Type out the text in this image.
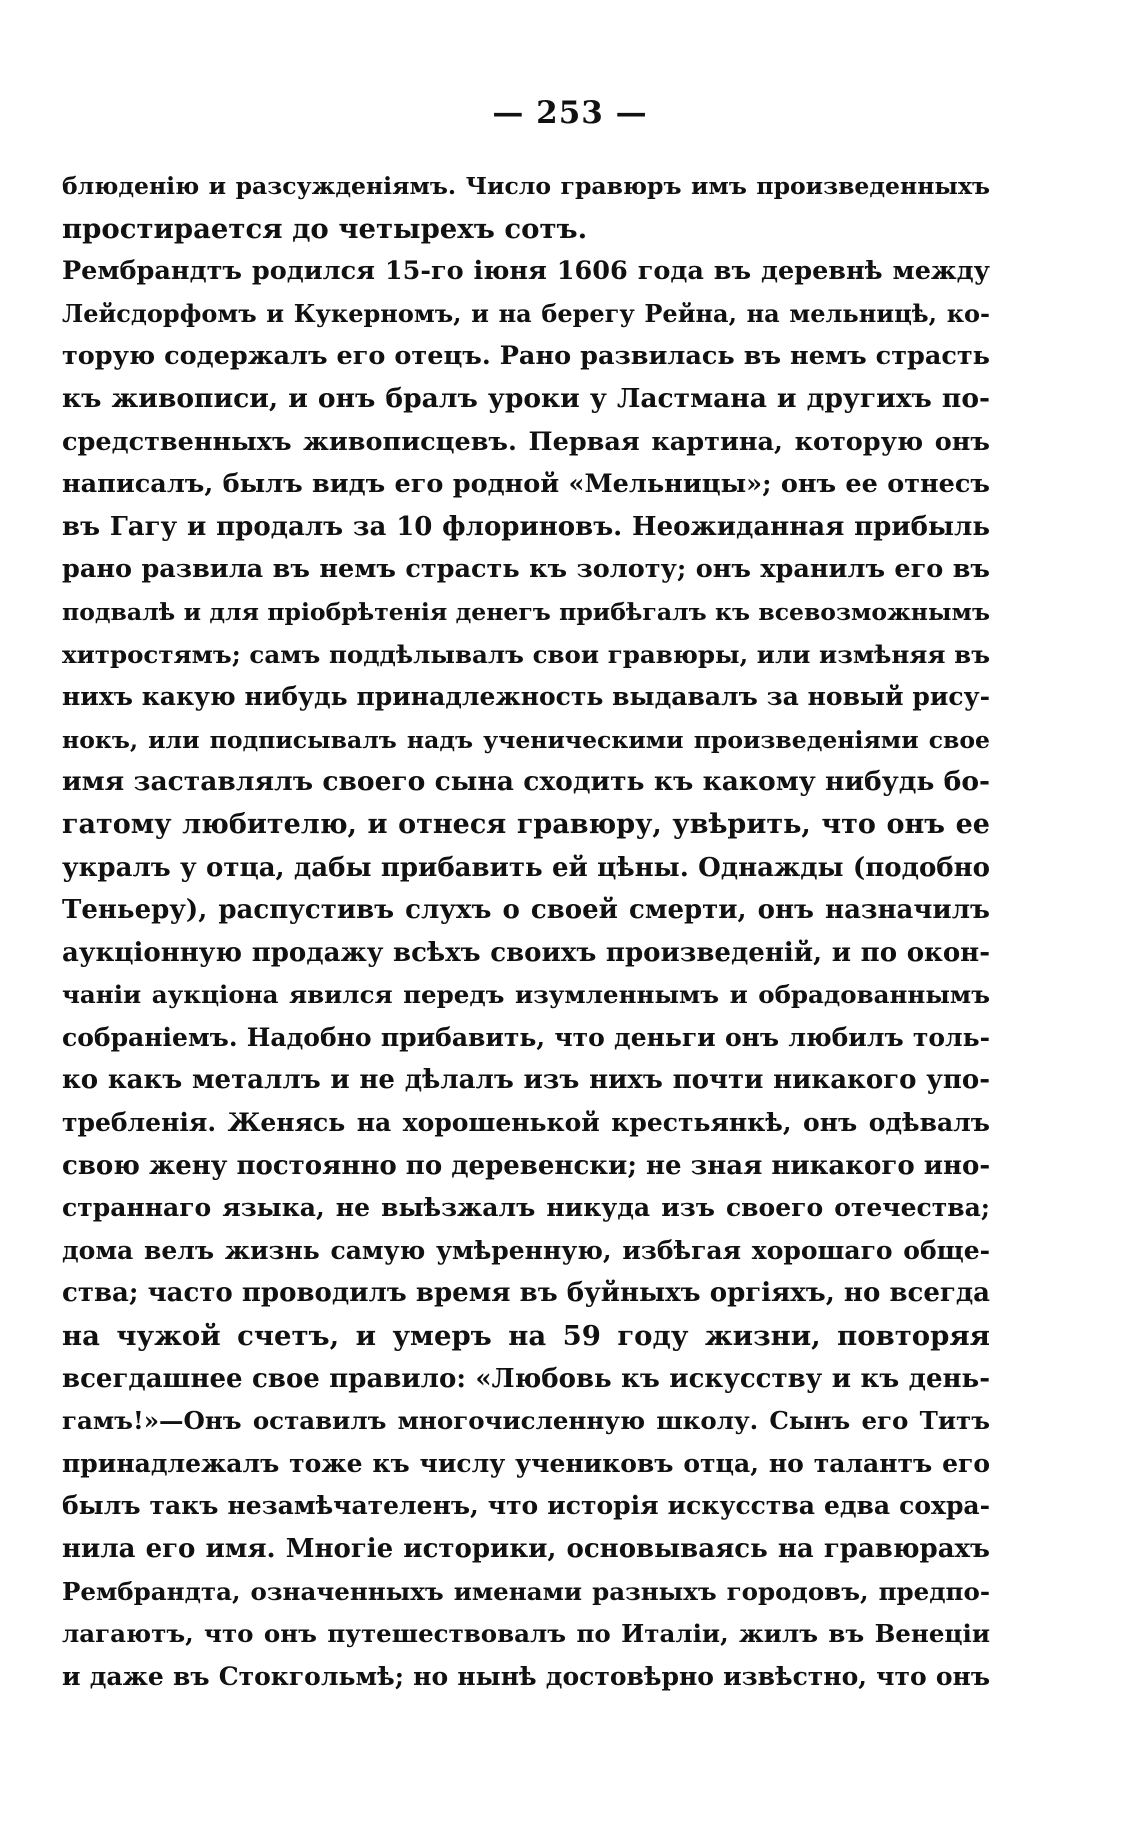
— 253 —
блюденію и разсужденіямъ. Число гравюръ имъ произведенныхъ
простирается до четырехъ сотъ.
Рембрандтъ родился 15-го іюня 1606 года въ деревнѣ между
Лейсдорфомъ и Кукерномъ, и на берегу Рейна, на мельницѣ, ко-
торую содержалъ его отецъ. Рано развилась въ немъ страсть
къ живописи, и онъ бралъ уроки у Ластмана и другихъ по-
средственныхъ живописцевъ. Первая картина, которую онъ
написалъ, былъ видъ его родной «Мельницы»; онъ ее отнесъ
въ Гагу и продалъ за 10 флориновъ. Неожиданная прибыль
рано развила въ немъ страсть къ золоту; онъ хранилъ его въ
подвалѣ и для пріобрѣтенія денегъ прибѣгалъ къ всевозможнымъ
хитростямъ; самъ поддѣлывалъ свои гравюры, или измѣняя въ
нихъ какую нибудь принадлежность выдавалъ за новый рису-
нокъ, или подписывалъ надъ ученическими произведеніями свое
имя заставлялъ своего сына сходить къ какому нибудь бо-
гатому любителю, и отнеся гравюру, увѣрить, что онъ ее
укралъ у отца, дабы прибавить ей цѣны. Однажды (подобно
Теньеру), распустивъ слухъ о своей смерти, онъ назначилъ
аукціонную продажу всѣхъ своихъ произведеній, и по окон-
чаніи аукціона явился передъ изумленнымъ и обрадованнымъ
собраніемъ. Надобно прибавить, что деньги онъ любилъ толь-
ко какъ металлъ и не дѣлалъ изъ нихъ почти никакого упо-
требленія. Женясь на хорошенькой крестьянкѣ, онъ одѣвалъ
свою жену постоянно по деревенски; не зная никакого ино-
страннаго языка, не выѣзжалъ никуда изъ своего отечества;
дома велъ жизнь самую умѣренную, избѣгая хорошаго обще-
ства; часто проводилъ время въ буйныхъ оргіяхъ, но всегда
на чужой счетъ, и умеръ на 59 году жизни, повторяя
всегдашнее свое правило: «Любовь къ искусству и къ день-
гамъ!»—Онъ оставилъ многочисленную школу. Сынъ его Титъ
принадлежалъ тоже къ числу учениковъ отца, но талантъ его
былъ такъ незамѣчателенъ, что исторія искусства едва сохра-
нила его имя. Многіе историки, основываясь на гравюрахъ
Рембрандта, означенныхъ именами разныхъ городовъ, предпо-
лагаютъ, что онъ путешествовалъ по Италіи, жилъ въ Венеціи
и даже въ Стокгольмѣ; но нынѣ достовѣрно извѣстно, что онъ
